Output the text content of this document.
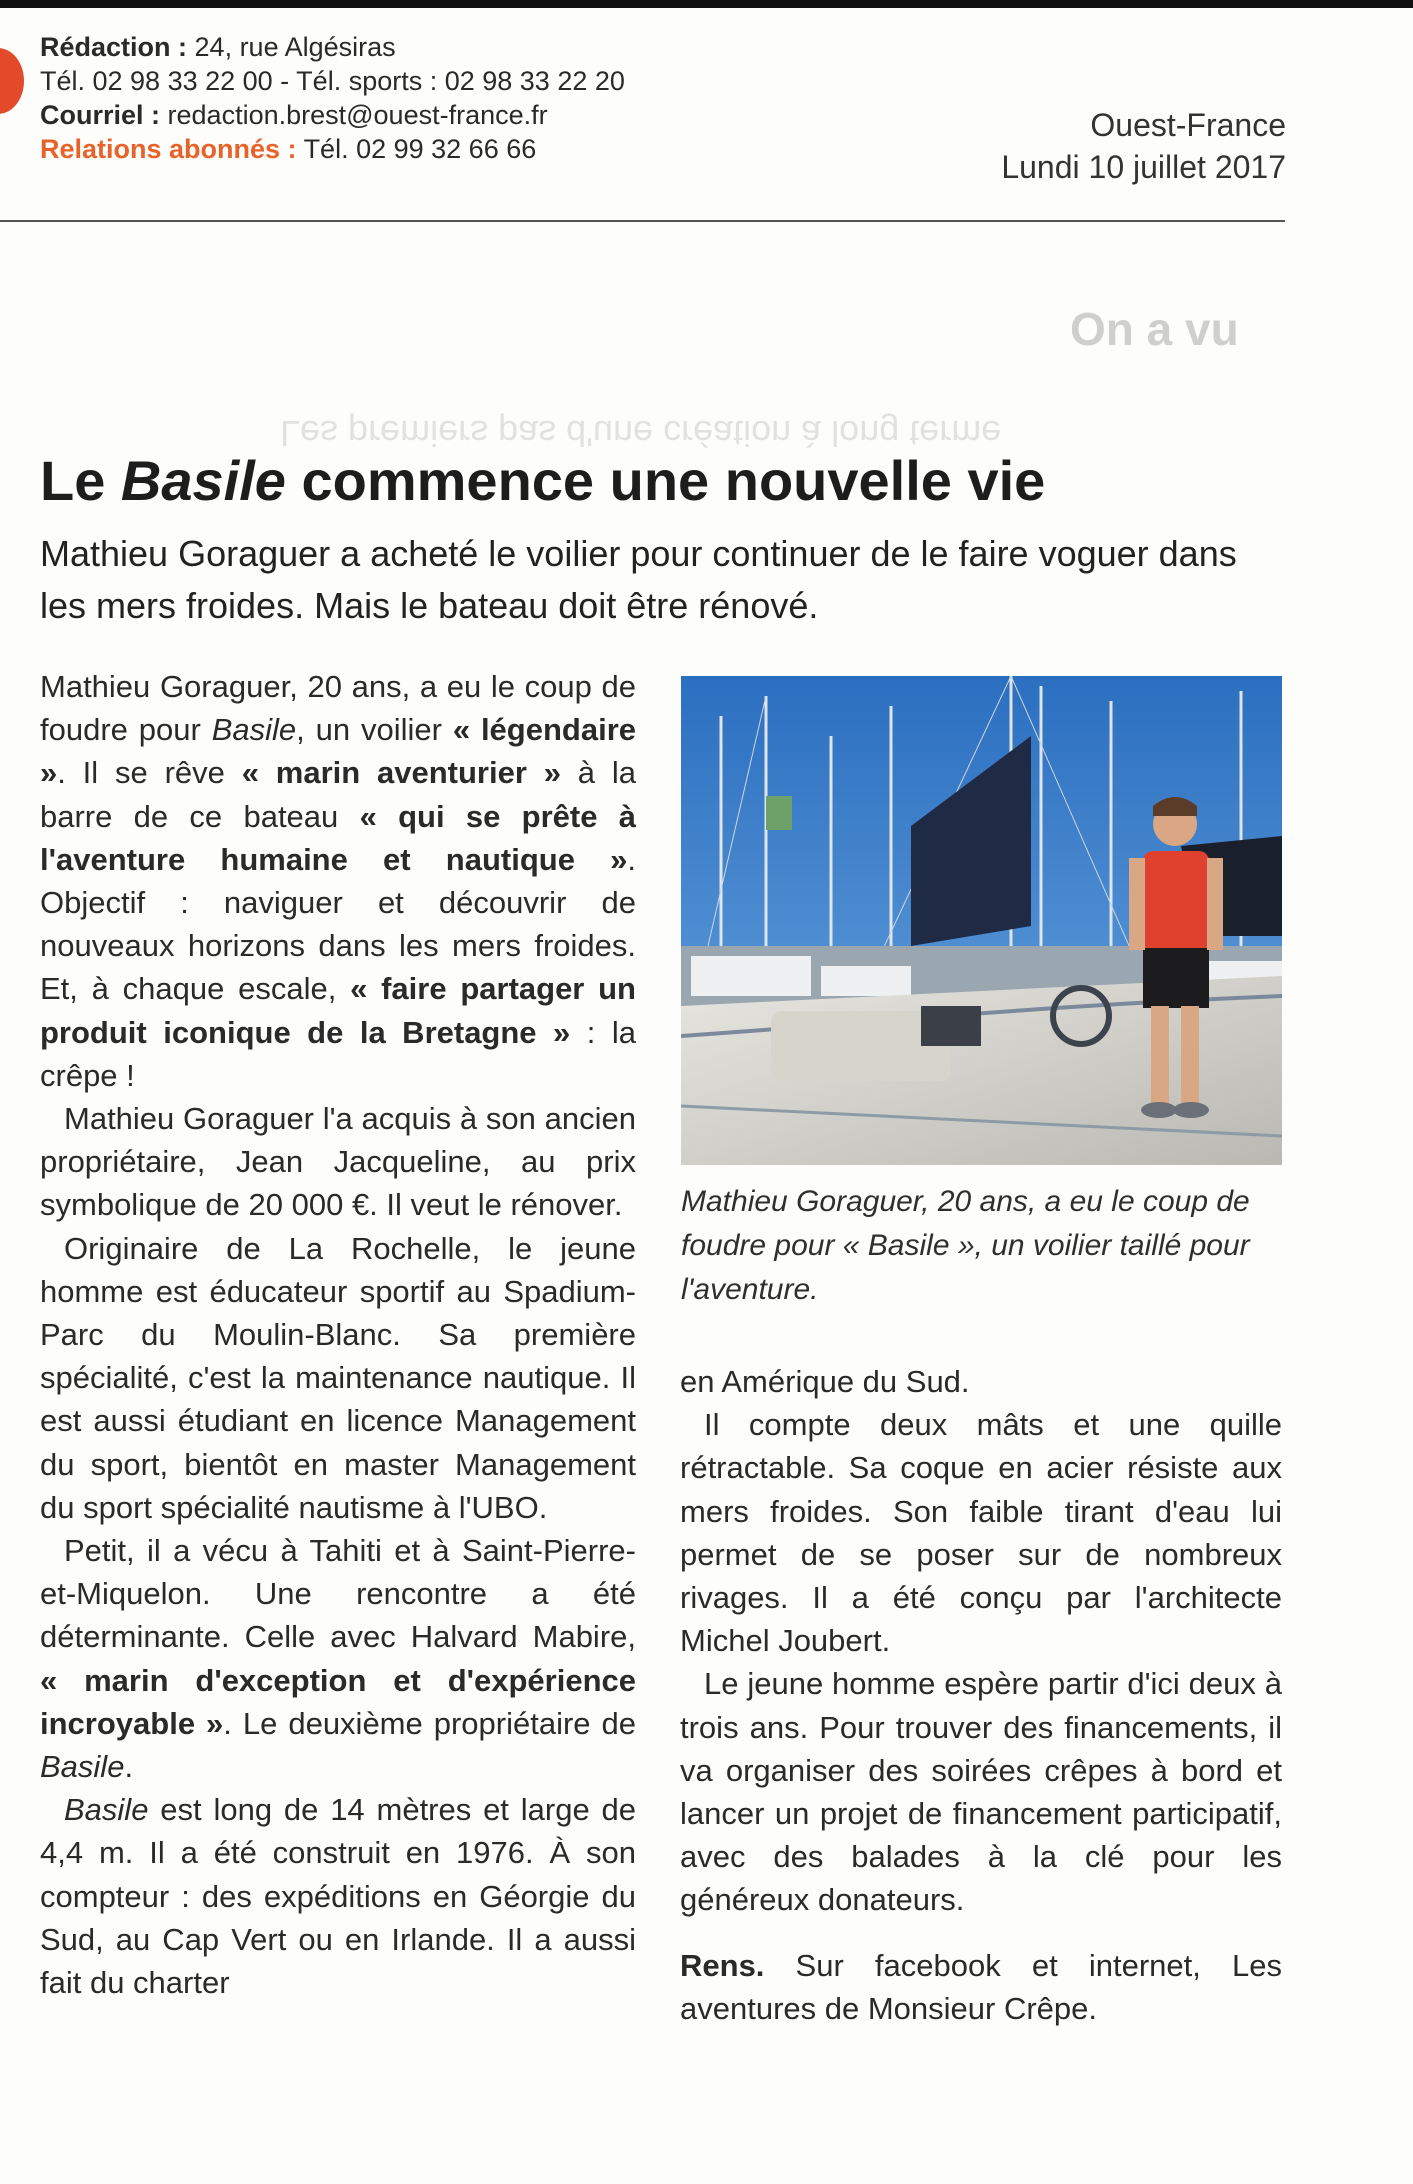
Rédaction : 24, rue Algésiras
Tél. 02 98 33 22 00 - Tél. sports : 02 98 33 22 20
Courriel : redaction.brest@ouest-france.fr
Relations abonnés : Tél. 02 99 32 66 66
Ouest-France
Lundi 10 juillet 2017
On a vu
Les premiers pas d'une création à long terme
Le Basile commence une nouvelle vie
Mathieu Goraguer a acheté le voilier pour continuer de le faire voguer dans les mers froides. Mais le bateau doit être rénové.

Mathieu Goraguer, 20 ans, a eu le coup de foudre pour Basile, un voilier « légendaire ». Il se rêve « marin aventurier » à la barre de ce bateau « qui se prête à l'aventure humaine et nautique ». Objectif : naviguer et découvrir de nouveaux horizons dans les mers froides. Et, à chaque escale, « faire partager un produit iconique de la Bretagne » : la crêpe !

Mathieu Goraguer l'a acquis à son ancien propriétaire, Jean Jacqueline, au prix symbolique de 20 000 €. Il veut le rénover.

Originaire de La Rochelle, le jeune homme est éducateur sportif au Spadium-Parc du Moulin-Blanc. Sa première spécialité, c'est la maintenance nautique. Il est aussi étudiant en licence Management du sport, bientôt en master Management du sport spécialité nautisme à l'UBO.

Petit, il a vécu à Tahiti et à Saint-Pierre-et-Miquelon. Une rencontre a été déterminante. Celle avec Halvard Mabire, « marin d'exception et d'expérience incroyable ». Le deuxième propriétaire de Basile.

Basile est long de 14 mètres et large de 4,4 m. Il a été construit en 1976. À son compteur : des expéditions en Géorgie du Sud, au Cap Vert ou en Irlande. Il a aussi fait du charter

Mathieu Goraguer, 20 ans, a eu le coup de foudre pour « Basile », un voilier taillé pour l'aventure.

en Amérique du Sud.

Il compte deux mâts et une quille rétractable. Sa coque en acier résiste aux mers froides. Son faible tirant d'eau lui permet de se poser sur de nombreux rivages. Il a été conçu par l'architecte Michel Joubert.

Le jeune homme espère partir d'ici deux à trois ans. Pour trouver des financements, il va organiser des soirées crêpes à bord et lancer un projet de financement participatif, avec des balades à la clé pour les généreux donateurs.

Rens. Sur facebook et internet, Les aventures de Monsieur Crêpe.
